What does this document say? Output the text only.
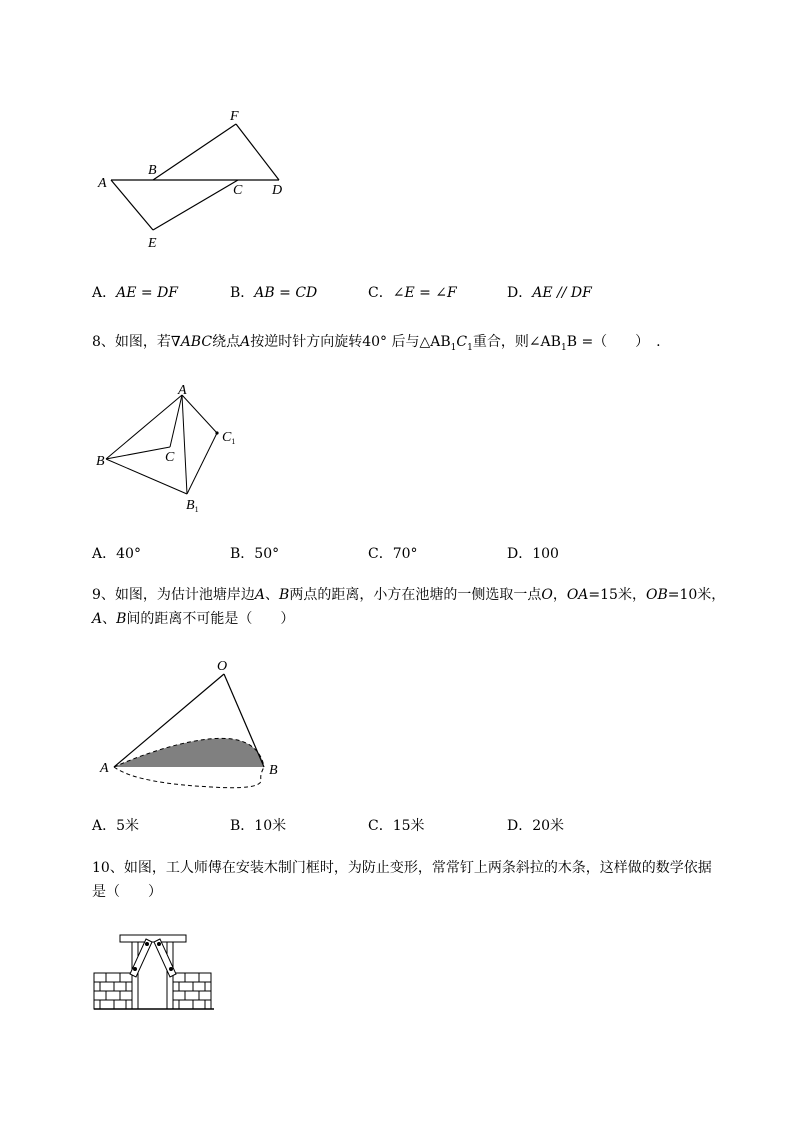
A
B
C D
E
F
A．AE = DF	B．AB = CD	C．∠E = ∠F	D．AE // DF
8、如图，若∇ABC绕点A按逆时针方向旋转40° 后与$\triangle AB_1C_1$重合，则$\angle AB_1B$ =（　　）　.
A
B	C
$C_1$
$B_1$
A．40°	B．50°	C．70°	D．100
9、如图，为估计池塘岸边A、B两点的距离，小方在池塘的一侧选取一点O，OA=15米，OB=10米，
A、B间的距离不可能是（　　）
O
A	B
A．5米	B．10米	C．15米	D．20米
10、如图，工人师傅在安装木制门框时，为防止变形，常常钉上两条斜拉的木条，这样做的数学依据
是（　　）
